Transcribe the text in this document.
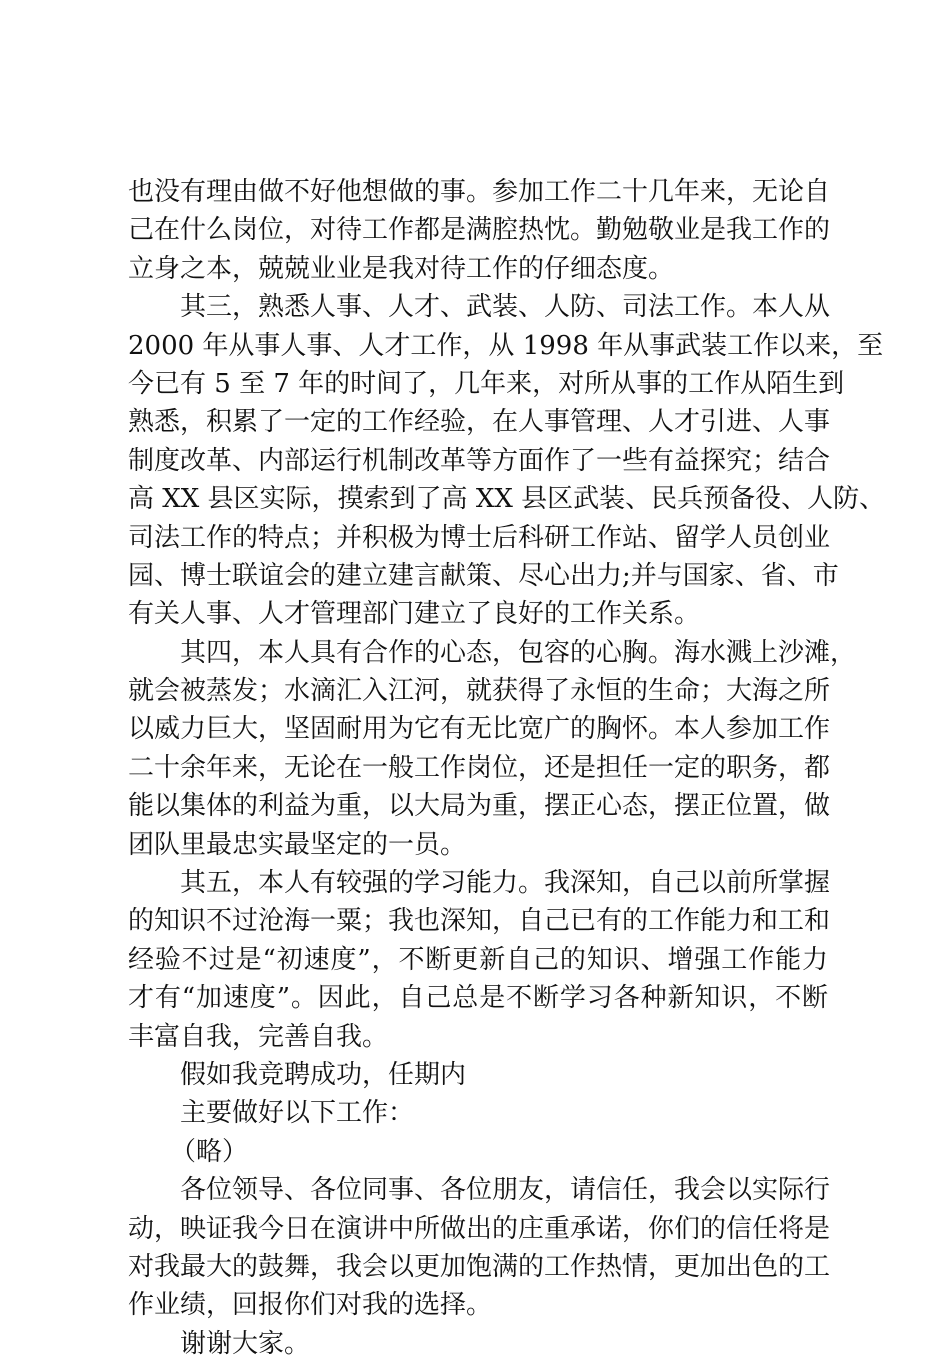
也没有理由做不好他想做的事。参加工作二十几年来，无论自
己在什么岗位，对待工作都是满腔热忱。勤勉敬业是我工作的
立身之本，兢兢业业是我对待工作的仔细态度。
其三，熟悉人事、人才、武装、人防、司法工作。本人从
2000 年从事人事、人才工作，从 1998 年从事武装工作以来，至
今已有 5 至 7 年的时间了，几年来，对所从事的工作从陌生到
熟悉，积累了一定的工作经验，在人事管理、人才引进、人事
制度改革、内部运行机制改革等方面作了一些有益探究；结合
高 XX 县区实际，摸索到了高 XX 县区武装、民兵预备役、人防、
司法工作的特点；并积极为博士后科研工作站、留学人员创业
园、博士联谊会的建立建言献策、尽心出力;并与国家、省、市
有关人事、人才管理部门建立了良好的工作关系。
其四，本人具有合作的心态，包容的心胸。海水溅上沙滩，
就会被蒸发；水滴汇入江河，就获得了永恒的生命；大海之所
以威力巨大，坚固耐用为它有无比宽广的胸怀。本人参加工作
二十余年来，无论在一般工作岗位，还是担任一定的职务，都
能以集体的利益为重，以大局为重，摆正心态，摆正位置，做
团队里最忠实最坚定的一员。
其五，本人有较强的学习能力。我深知，自己以前所掌握
的知识不过沧海一粟；我也深知，自己已有的工作能力和工和
经验不过是“初速度”，不断更新自己的知识、增强工作能力
才有“加速度”。因此，自己总是不断学习各种新知识，不断
丰富自我，完善自我。
假如我竞聘成功，任期内
主要做好以下工作：
（略）
各位领导、各位同事、各位朋友，请信任，我会以实际行
动，映证我今日在演讲中所做出的庄重承诺，你们的信任将是
对我最大的鼓舞，我会以更加饱满的工作热情，更加出色的工
作业绩，回报你们对我的选择。
谢谢大家。
